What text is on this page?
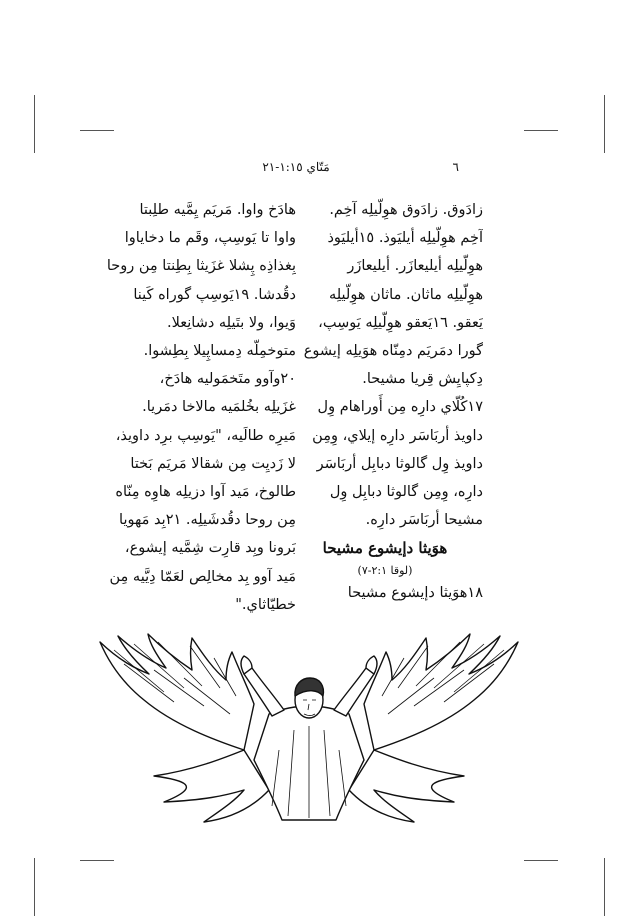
٦
مَتّاي ١:١٥-٢١
زادَوق. زادَوق هوِلّيلِه آخِم.
آخِم هوِلّيلِه أيليَوذ. ١٥أيليَوذ
هوِلّيلِه أيليعازَر. أيليعازَر
هوِلّيلِه ماثان. ماثان هوِلّيلِه
يَعقو. ١٦يَعقو هوِلّيلِه يَوسِپ،
گورا دمَريَم دمِنّاه هوَيلِه إيشوع
دِكپايِش قِريا مشيحا.
١٧كُلّاي دارِه مِن أَوراهام وِل
داويذ أربَاسَر دارِه إيلاي، وِمِن
داويذ وِل گالوثا دبابِل أربَاسَر
دارِه، وِمِن گالوثا دبابِل وِل
مشيحا أربَاسَر دارِه.
هوَيثا دإيشوع مشيحا
(لوقا ٢:١-٧)
١٨هوَيثا دإيشوع مشيحا
هادَخ واوا. مَريَم يِمَّيه طلِبتا
واوا تا يَوسِپ، وقَم ما دخاياوا
بِغذاذِه پِشلا غزَيثا بِطِنتا مِن روحا
دقُدشا. ١٩يَوسِپ گوراه كَينا
وَيوا، ولا بتَيلِه دشانِعلا.
متوخمِلّه دِمساپِيلا بِطِشوا.
٢٠وآوو متَخمَوليه هادَخ،
غزَيلِه بخُلمَيه مالاخا دمَريا.
مَيرِه طالَيه، "يَوسِپ برِد داويذ،
لا زَديِت مِن شقالا مَريَم بَختا
طالوخ، مَيد آوا دزيلِه هاوِه مِنّاه
مِن روحا دقُدشَيلِه. ٢١بِد مَهويا
بَرونا وبِد قارِت شِمَّيه إيشوع،
مَيد آوو بِد مخالِص لعَمّا دِيَّيه مِن
خطيّاثاي."
